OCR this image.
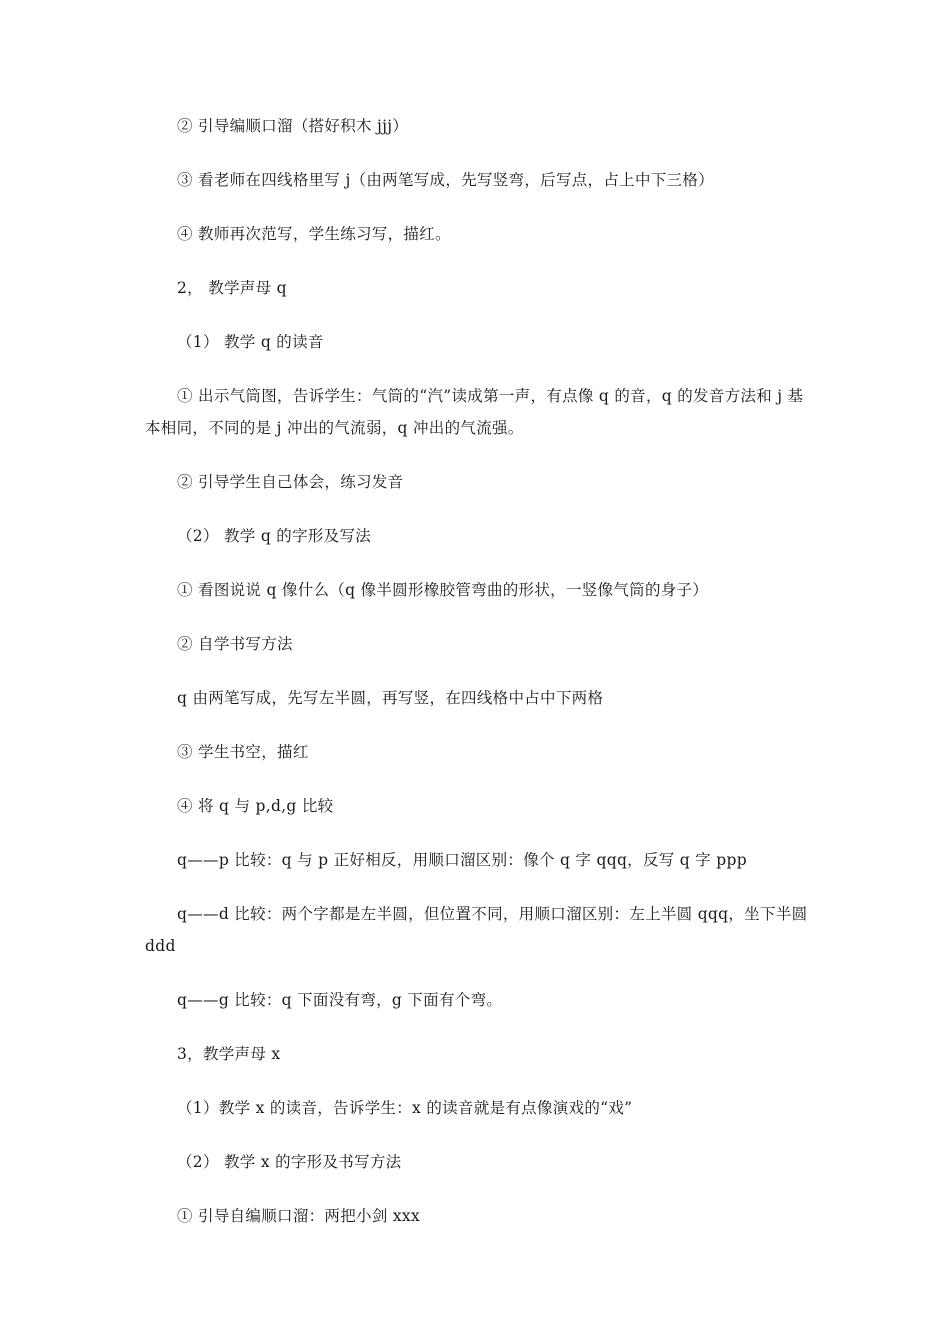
② 引导编顺口溜（搭好积木 jjj）

③ 看老师在四线格里写 j（由两笔写成，先写竖弯，后写点，占上中下三格）

④ 教师再次范写，学生练习写，描红。

2， 教学声母 q

（1） 教学 q 的读音

① 出示气筒图，告诉学生：气筒的“汽”读成第一声，有点像 q 的音，q 的发音方法和 j 基本相同，不同的是 j 冲出的气流弱，q 冲出的气流强。

② 引导学生自己体会，练习发音

（2） 教学 q 的字形及写法

① 看图说说 q 像什么（q 像半圆形橡胶管弯曲的形状，一竖像气筒的身子）

② 自学书写方法

q 由两笔写成，先写左半圆，再写竖，在四线格中占中下两格

③ 学生书空，描红

④ 将 q 与 p,d,g 比较

q——p 比较：q 与 p 正好相反，用顺口溜区别：像个 q 字 qqq，反写 q 字 ppp

q——d 比较：两个字都是左半圆，但位置不同，用顺口溜区别：左上半圆 qqq，坐下半圆 ddd

q——g 比较：q 下面没有弯，g 下面有个弯。

3，教学声母 x

（1）教学 x 的读音，告诉学生：x 的读音就是有点像演戏的“戏”

（2） 教学 x 的字形及书写方法

① 引导自编顺口溜：两把小剑 xxx
